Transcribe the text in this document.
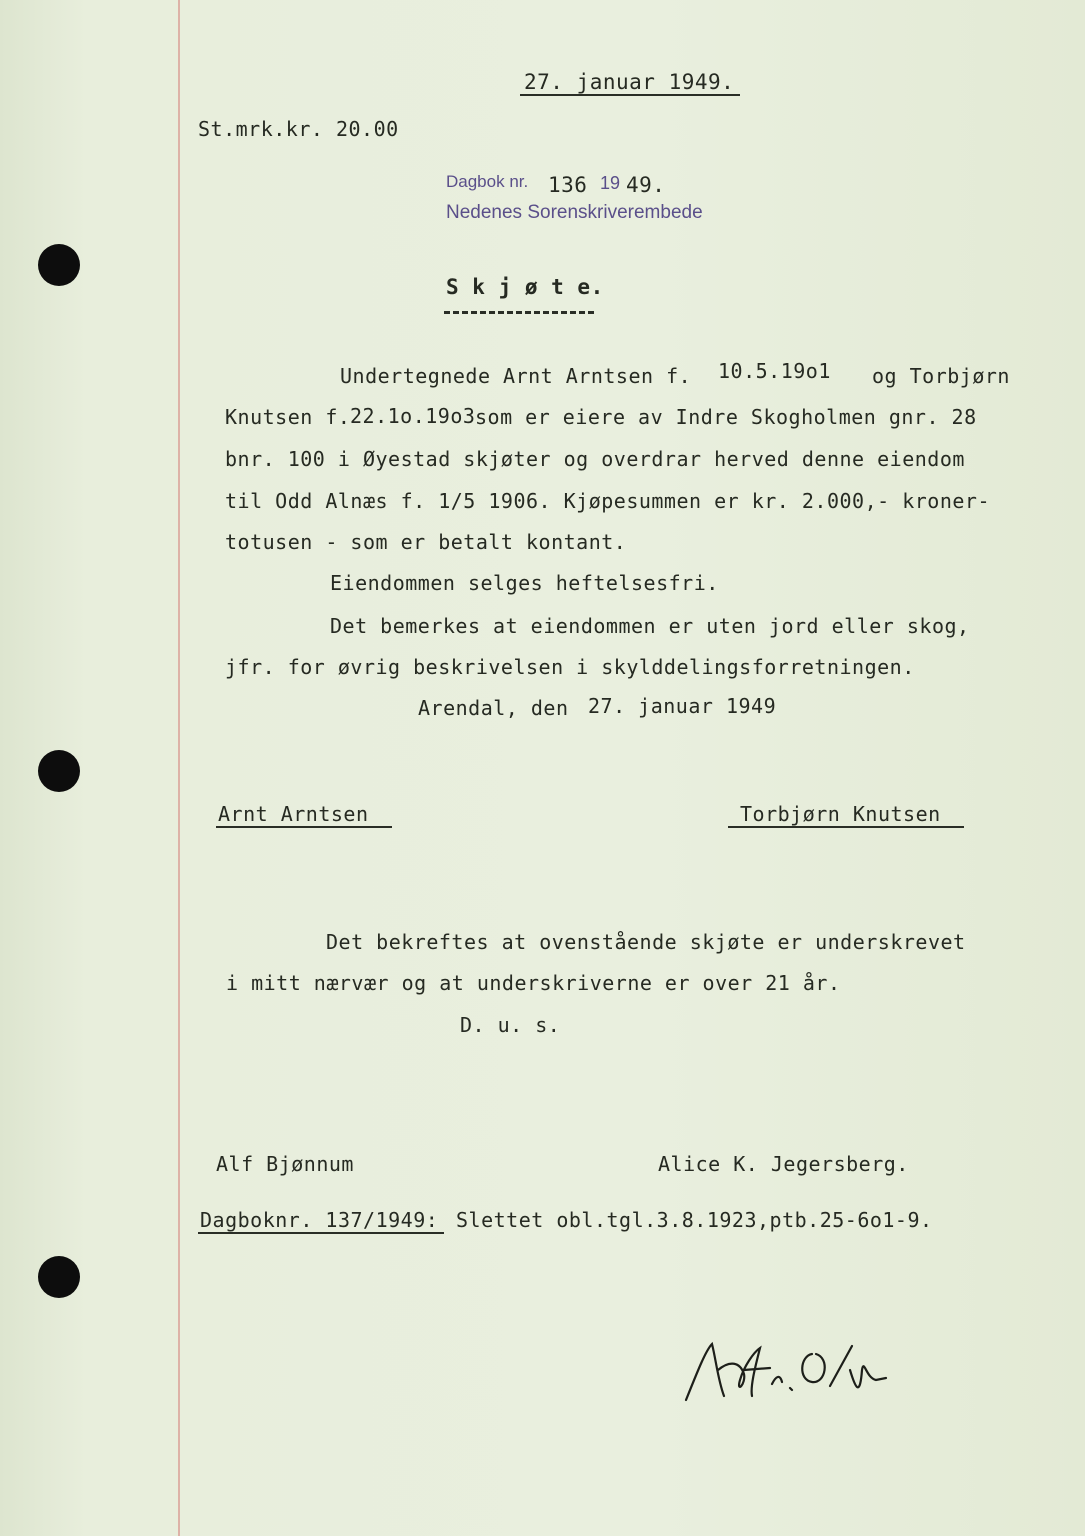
27. januar 1949.
St.mrk.kr. 20.00
Dagbok nr. 136 19 49.
Nedenes Sorenskriverembede
S k j ø t e.
Undertegnede Arnt Arntsen f. 10.5.19o1 og Torbjørn
Knutsen f. 22.1o.19o3 som er eiere av Indre Skogholmen gnr. 28
bnr. 100 i Øyestad skjøter og overdrar herved denne eiendom
til Odd Alnæs f. 1/5 1906. Kjøpesummen er kr. 2.000,- kroner-
totusen - som er betalt kontant.
Eiendommen selges heftelsesfri.
Det bemerkes at eiendommen er uten jord eller skog,
jfr. for øvrig beskrivelsen i skylddelingsforretningen.
Arendal, den 27. januar 1949
Arnt Arntsen	Torbjørn Knutsen
Det bekreftes at ovenstående skjøte er underskrevet
i mitt nærvær og at underskriverne er over 21 år.
D. u. s.
Alf Bjønnum	Alice K. Jegersberg.
Dagboknr. 137/1949: Slettet obl.tgl.3.8.1923,ptb.25-6o1-9.
